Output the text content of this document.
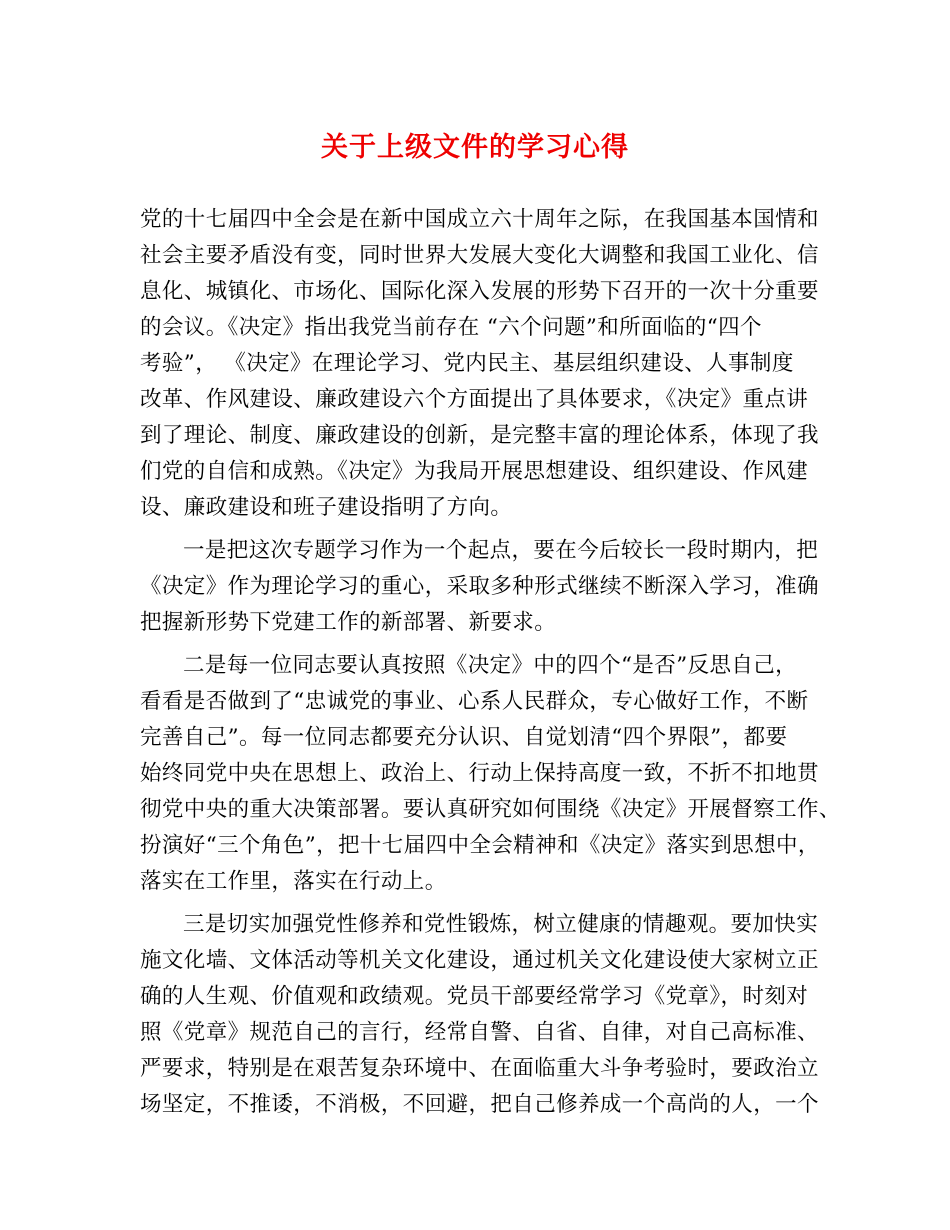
关于上级文件的学习心得
党的十七届四中全会是在新中国成立六十周年之际，在我国基本国情和
社会主要矛盾没有变，同时世界大发展大变化大调整和我国工业化、信
息化、城镇化、市场化、国际化深入发展的形势下召开的一次十分重要
的会议。《决定》指出我党当前存在 “六个问题”和所面临的“四个
考验”， 《决定》在理论学习、党内民主、基层组织建设、人事制度
改革、作风建设、廉政建设六个方面提出了具体要求，《决定》重点讲
到了理论、制度、廉政建设的创新，是完整丰富的理论体系，体现了我
们党的自信和成熟。《决定》为我局开展思想建设、组织建设、作风建
设、廉政建设和班子建设指明了方向。
一是把这次专题学习作为一个起点，要在今后较长一段时期内，把
《决定》作为理论学习的重心，采取多种形式继续不断深入学习，准确
把握新形势下党建工作的新部署、新要求。
二是每一位同志要认真按照《决定》中的四个“是否”反思自己，
看看是否做到了“忠诚党的事业、心系人民群众，专心做好工作，不断
完善自己”。每一位同志都要充分认识、自觉划清“四个界限”，都要
始终同党中央在思想上、政治上、行动上保持高度一致，不折不扣地贯
彻党中央的重大决策部署。要认真研究如何围绕《决定》开展督察工作、
扮演好“三个角色”，把十七届四中全会精神和《决定》落实到思想中，
落实在工作里，落实在行动上。
三是切实加强党性修养和党性锻炼，树立健康的情趣观。要加快实
施文化墙、文体活动等机关文化建设，通过机关文化建设使大家树立正
确的人生观、价值观和政绩观。党员干部要经常学习《党章》，时刻对
照《党章》规范自己的言行，经常自警、自省、自律，对自己高标准、
严要求，特别是在艰苦复杂环境中、在面临重大斗争考验时，要政治立
场坚定，不推诿，不消极，不回避，把自己修养成一个高尚的人，一个
